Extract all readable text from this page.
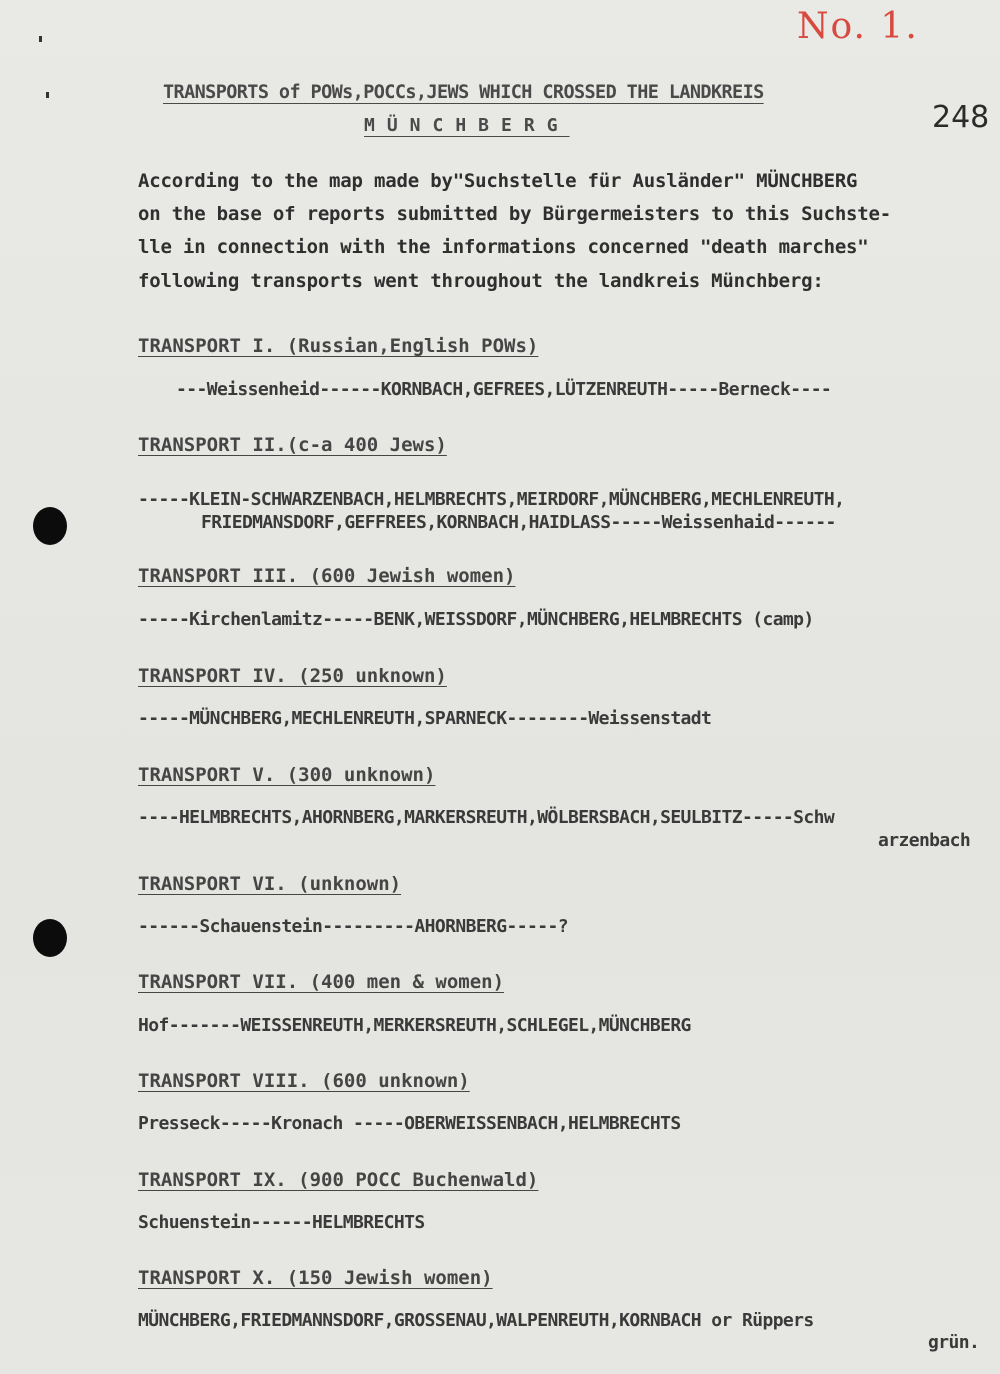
No. 1.
248
TRANSPORTS of POWs,POCCs,JEWS WHICH CROSSED THE LANDKREIS
MÜNCHBERG
According to the map made by"Suchstelle für Ausländer" MÜNCHBERG
on the base of reports submitted by Bürgermeisters to this Suchste-
lle in connection with the informations concerned "death marches"
following transports went throughout the landkreis Münchberg:
TRANSPORT I. (Russian,English POWs)
---Weissenheid------KORNBACH,GEFREES,LÜTZENREUTH-----Berneck----
TRANSPORT II.(c-a 400 Jews)
-----KLEIN-SCHWARZENBACH,HELMBRECHTS,MEIRDORF,MÜNCHBERG,MECHLENREUTH,
FRIEDMANSDORF,GEFFREES,KORNBACH,HAIDLASS-----Weissenhaid------
TRANSPORT III. (600 Jewish women)
-----Kirchenlamitz-----BENK,WEISSDORF,MÜNCHBERG,HELMBRECHTS (camp)
TRANSPORT IV. (250 unknown)
-----MÜNCHBERG,MECHLENREUTH,SPARNECK--------Weissenstadt
TRANSPORT V. (300 unknown)
----HELMBRECHTS,AHORNBERG,MARKERSREUTH,WÖLBERSBACH,SEULBITZ-----Schw
arzenbach
TRANSPORT VI. (unknown)
------Schauenstein---------AHORNBERG-----?
TRANSPORT VII. (400 men & women)
Hof-------WEISSENREUTH,MERKERSREUTH,SCHLEGEL,MÜNCHBERG
TRANSPORT VIII. (600 unknown)
Presseck-----Kronach -----OBERWEISSENBACH,HELMBRECHTS
TRANSPORT IX. (900 POCC Buchenwald)
Schuenstein------HELMBRECHTS
TRANSPORT X. (150 Jewish women)
MÜNCHBERG,FRIEDMANNSDORF,GROSSENAU,WALPENREUTH,KORNBACH or Rüppers
grün.
